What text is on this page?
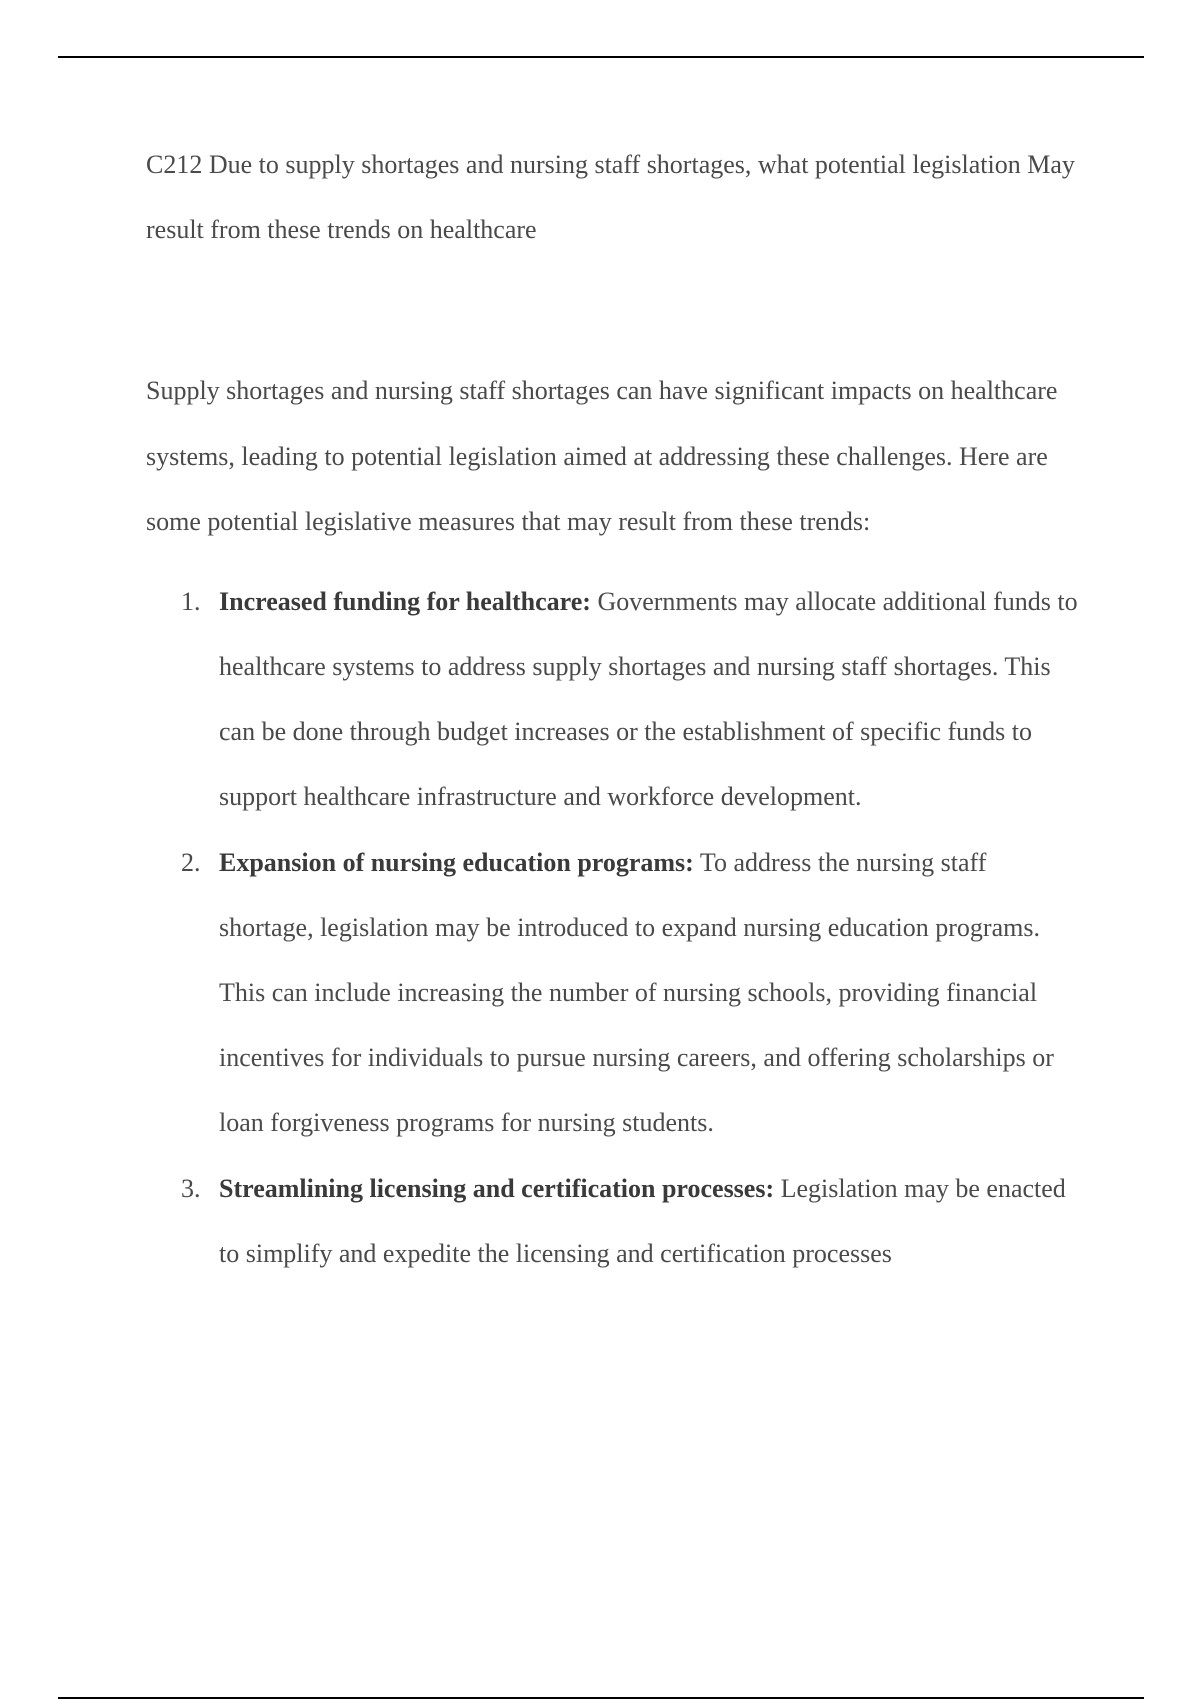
C212 Due to supply shortages and nursing staff shortages, what potential legislation May result from these trends on healthcare

Supply shortages and nursing staff shortages can have significant impacts on healthcare systems, leading to potential legislation aimed at addressing these challenges. Here are some potential legislative measures that may result from these trends:

1. Increased funding for healthcare: Governments may allocate additional funds to healthcare systems to address supply shortages and nursing staff shortages. This can be done through budget increases or the establishment of specific funds to support healthcare infrastructure and workforce development.
2. Expansion of nursing education programs: To address the nursing staff shortage, legislation may be introduced to expand nursing education programs. This can include increasing the number of nursing schools, providing financial incentives for individuals to pursue nursing careers, and offering scholarships or loan forgiveness programs for nursing students.
3. Streamlining licensing and certification processes: Legislation may be enacted to simplify and expedite the licensing and certification processes
